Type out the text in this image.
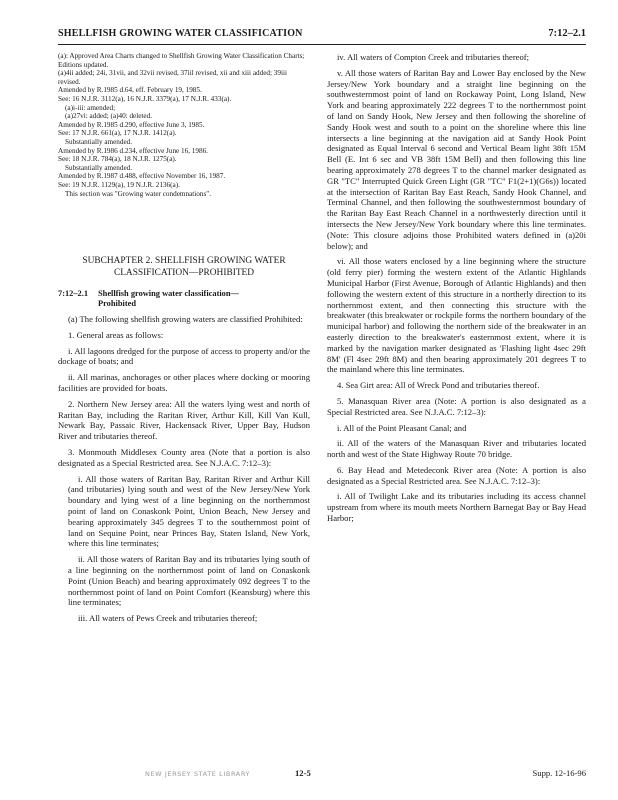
SHELLFISH GROWING WATER CLASSIFICATION	7:12–2.1

(a): Approved Area Charts changed to Shellfish Growing Water Classification Charts; Editions updated.

(a)4ii added; 24i, 31vii, and 32vii revised, 37iil revised, xii and xiii added; 39iii revised.

Amended by R.1985 d.64, eff. February 19, 1985.

See: 16 N.J.R. 3112(a), 16 N.J.R. 3379(a), 17 N.J.R. 433(a).

(a)i-iii: amended;

(a)27vi: added; (a)40: deleted.

Amended by R.1985 d.290, effective June 3, 1985.

See: 17 N.J.R. 661(a), 17 N.J.R. 1412(a).

Substantially amended.

Amended by R.1986 d.234, effective June 16, 1986.

See: 18 N.J.R. 784(a), 18 N.J.R. 1275(a).

Substantially amended.

Amended by R.1987 d.488, effective November 16, 1987.

See: 19 N.J.R. 1129(a), 19 N.J.R. 2136(a).

This section was "Growing water condemnations".

SUBCHAPTER 2. SHELLFISH GROWING WATER CLASSIFICATION—PROHIBITED
7:12–2.1 Shellfish growing water classification—
Prohibited

(a) The following shellfish growing waters are classified Prohibited:

1. General areas as follows:

i. All lagoons dredged for the purpose of access to property and/or the dockage of boats; and

ii. All marinas, anchorages or other places where docking or mooring facilities are provided for boats.

2. Northern New Jersey area: All the waters lying west and north of Raritan Bay, including the Raritan River, Arthur Kill, Kill Van Kull, Newark Bay, Passaic River, Hackensack River, Upper Bay, Hudson River and tributaries thereof.

3. Monmouth Middlesex County area (Note that a portion is also designated as a Special Restricted area. See N.J.A.C. 7:12–3):

i. All those waters of Raritan Bay, Raritan River and Arthur Kill (and tributaries) lying south and west of the New Jersey/New York boundary and lying west of a line beginning on the northernmost point of land on Conaskonk Point, Union Beach, New Jersey and bearing approximately 345 degrees T to the southernmost point of land on Sequine Point, near Princes Bay, Staten Island, New York, where this line terminates;

ii. All those waters of Raritan Bay and its tributaries lying south of a line beginning on the northernmost point of land on Conaskonk Point (Union Beach) and bearing approximately 092 degrees T to the northernmost point of land on Point Comfort (Keansburg) where this line terminates;

iii. All waters of Pews Creek and tributaries thereof;

iv. All waters of Compton Creek and tributaries thereof;

v. All those waters of Raritan Bay and Lower Bay enclosed by the New Jersey/New York boundary and a straight line beginning on the southwesternmost point of land on Rockaway Point, Long Island, New York and bearing approximately 222 degrees T to the northernmost point of land on Sandy Hook, New Jersey and then following the shoreline of Sandy Hook west and south to a point on the shoreline where this line intersects a line beginning at the navigation aid at Sandy Hook Point designated as Equal Interval 6 second and Vertical Beam light 38ft 15M Bell (E. Int 6 sec and VB 38ft 15M Bell) and then following this line bearing approximately 278 degrees T to the channel marker designated as GR "TC" Interrupted Quick Green Light (GR "TC" F1(2+1)(G6s)) located at the intersection of Raritan Bay East Reach, Sandy Hook Channel, and Terminal Channel, and then following the southwesternmost boundary of the Raritan Bay East Reach Channel in a northwesterly direction until it intersects the New Jersey/New York boundary where this line terminates. (Note: This closure adjoins those Prohibited waters defined in (a)20i below); and

vi. All those waters enclosed by a line beginning where the structure (old ferry pier) forming the western extent of the Atlantic Highlands Municipal Harbor (First Avenue, Borough of Atlantic Highlands) and then following the western extent of this structure in a northerly direction to its northernmost extent, and then connecting this structure with the breakwater (this breakwater or rockpile forms the northern boundary of the municipal harbor) and following the northern side of the breakwater in an easterly direction to the breakwater's easternmost extent, where it is marked by the navigation marker designated as 'Flashing light 4sec 29ft 8M' (Fl 4sec 29ft 8M) and then bearing approximately 201 degrees T to the mainland where this line terminates.

4. Sea Girt area: All of Wreck Pond and tributaries thereof.

5. Manasquan River area (Note: A portion is also designated as a Special Restricted area. See N.J.A.C. 7:12–3):

i. All of the Point Pleasant Canal; and

ii. All of the waters of the Manasquan River and tributaries located north and west of the State Highway Route 70 bridge.

6. Bay Head and Metedeconk River area (Note: A portion is also designated as a Special Restricted area. See N.J.A.C. 7:12–3):

i. All of Twilight Lake and its tributaries including its access channel upstream from where its mouth meets Northern Barnegat Bay or Bay Head Harbor;

NEW JERSEY STATE LIBRARY	12-5	Supp. 12-16-96
